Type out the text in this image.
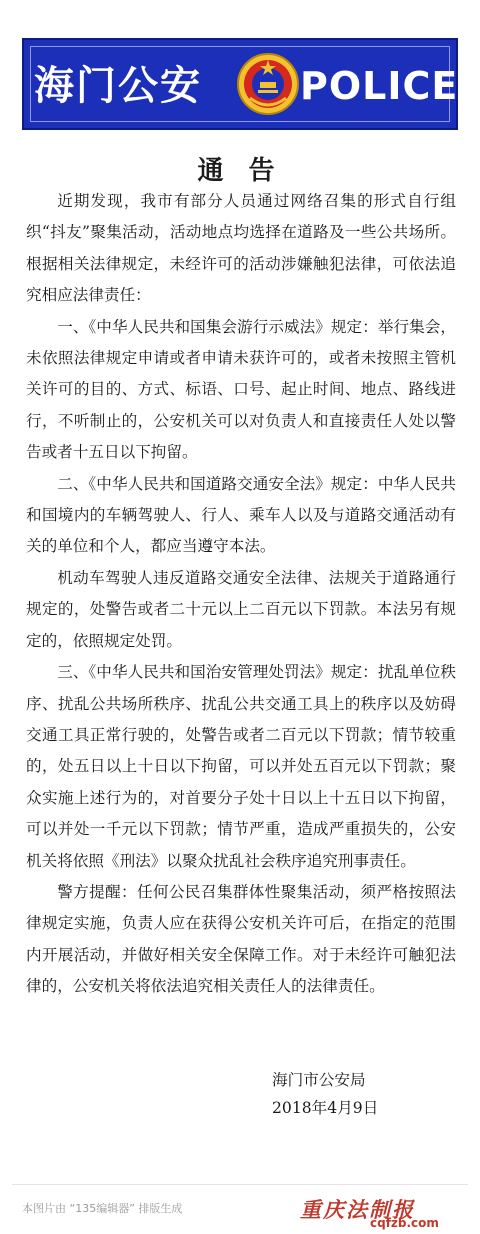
海门公安	POLICE
通 告

近期发现，我市有部分人员通过网络召集的形式自行组织“抖友”聚集活动，活动地点均选择在道路及一些公共场所。根据相关法律规定，未经许可的活动涉嫌触犯法律，可依法追究相应法律责任：

一、《中华人民共和国集会游行示威法》规定：举行集会，未依照法律规定申请或者申请未获许可的，或者未按照主管机关许可的目的、方式、标语、口号、起止时间、地点、路线进行，不听制止的，公安机关可以对负责人和直接责任人处以警告或者十五日以下拘留。

二、《中华人民共和国道路交通安全法》规定：中华人民共和国境内的车辆驾驶人、行人、乘车人以及与道路交通活动有关的单位和个人，都应当遵守本法。

机动车驾驶人违反道路交通安全法律、法规关于道路通行规定的，处警告或者二十元以上二百元以下罚款。本法另有规定的，依照规定处罚。

三、《中华人民共和国治安管理处罚法》规定：扰乱单位秩序、扰乱公共场所秩序、扰乱公共交通工具上的秩序以及妨碍交通工具正常行驶的，处警告或者二百元以下罚款；情节较重的，处五日以上十日以下拘留，可以并处五百元以下罚款；聚众实施上述行为的，对首要分子处十日以上十五日以下拘留，可以并处一千元以下罚款；情节严重，造成严重损失的，公安机关将依照《刑法》以聚众扰乱社会秩序追究刑事责任。

警方提醒：任何公民召集群体性聚集活动，须严格按照法律规定实施，负责人应在获得公安机关许可后，在指定的范围内开展活动，并做好相关安全保障工作。对于未经许可触犯法律的，公安机关将依法追究相关责任人的法律责任。

海门市公安局
2018年4月9日
本图片由 “135编辑器” 排版生成	重庆法制报
cqfzb.com
